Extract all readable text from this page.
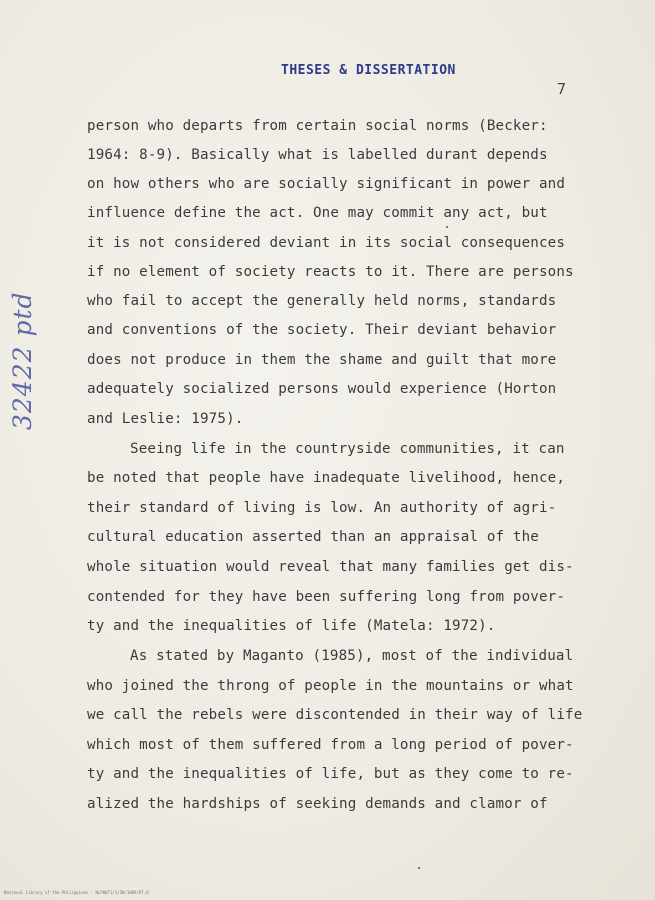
THESES & DISSERTATION
7
32422 ptd
person who departs from certain social norms (Becker:
1964: 8-9). Basically what is labelled durant depends
on how others who are socially significant in power and
influence define the act. One may commit any act, but
it is not considered deviant in its social consequences
if no element of society reacts to it. There are persons
who fail to accept the generally held norms, standards
and conventions of the society. Their deviant behavior
does not produce in them the shame and guilt that more
adequately socialized persons would experience (Horton
and Leslie: 1975).
Seeing life in the countryside communities, it can
be noted that people have inadequate livelihood, hence,
their standard of living is low. An authority of agri-
cultural education asserted than an appraisal of the
whole situation would reveal that many families get dis-
contended for they have been suffering long from pover-
ty and the inequalities of life (Matela: 1972).
As stated by Maganto (1985), most of the individual
who joined the throng of people in the mountains or what
we call the rebels were discontended in their way of life
which most of them suffered from a long period of pover-
ty and the inequalities of life, but as they come to re-
alized the hardships of seeking demands and clamor of
National Library of the Philippines · NLP0071/1/ZN/1009/PT.H
